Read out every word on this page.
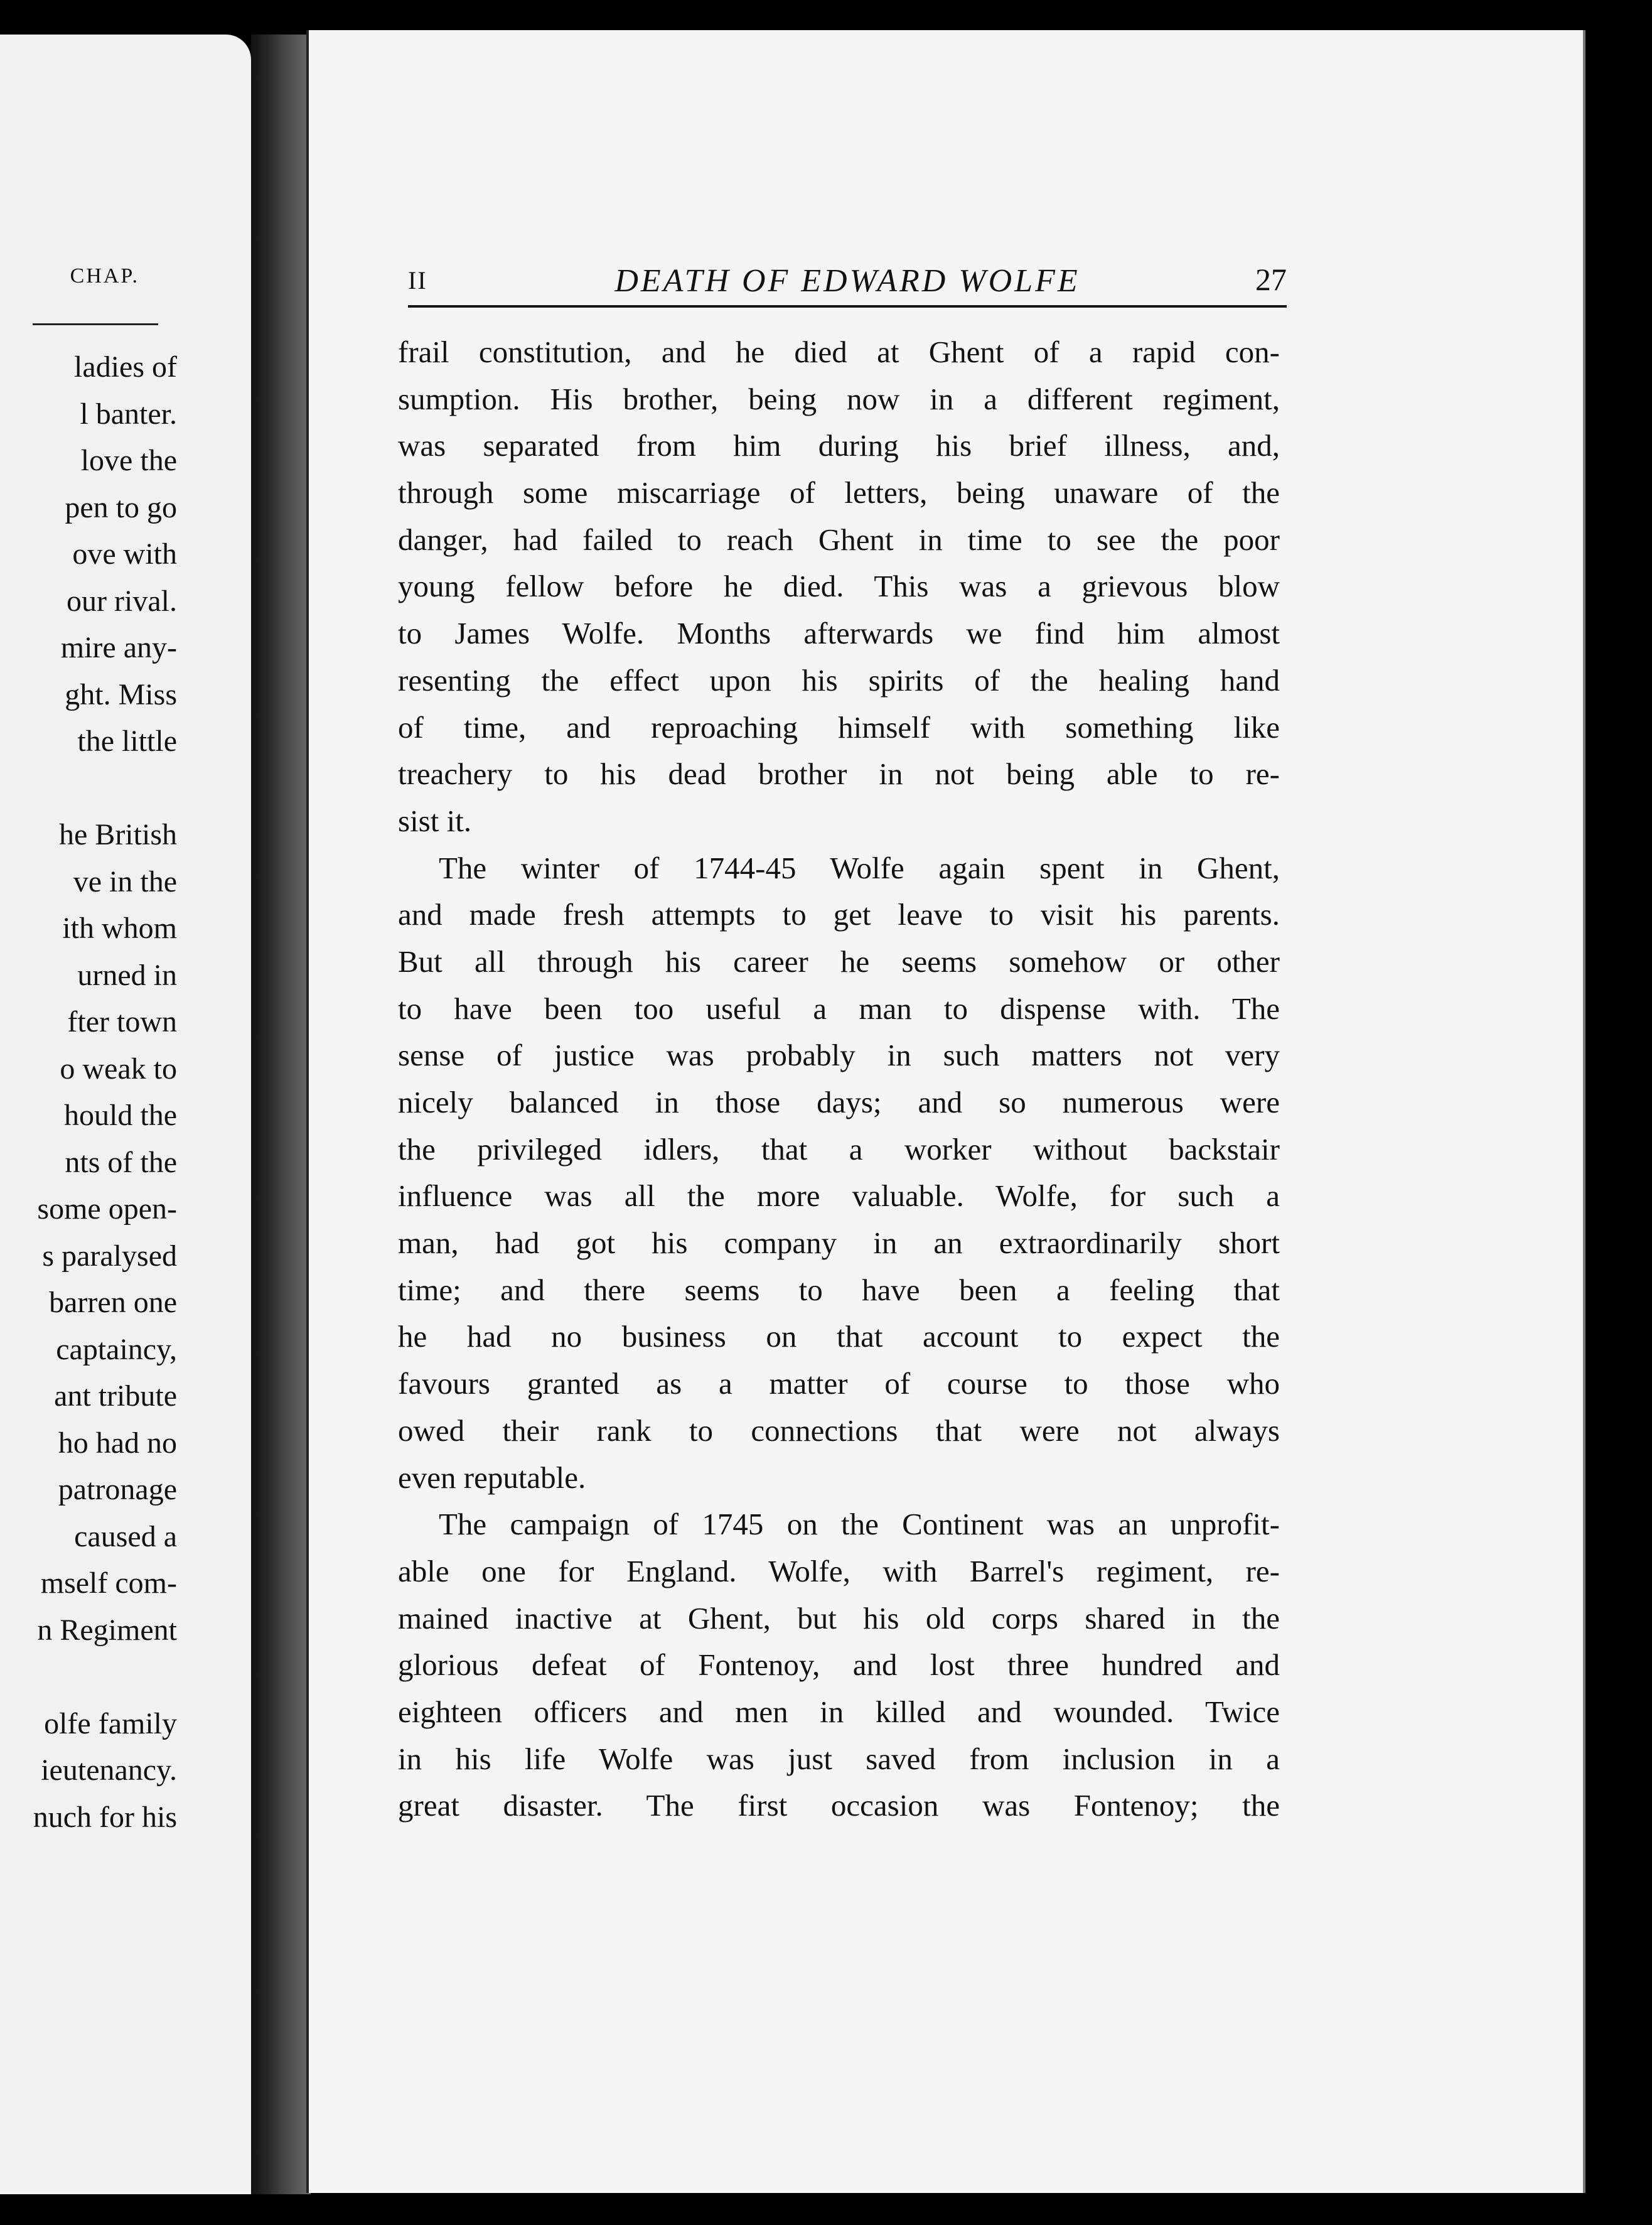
CHAP.
ladies of
l banter.
love the
pen to go
ove with
our rival.
mire any-
ght. Miss
the little
he British
ve in the
ith whom
urned in
fter town
o weak to
hould the
nts of the
some open-
s paralysed
barren one
captaincy,
ant tribute
ho had no
patronage
caused a
mself com-
n Regiment
olfe family
ieutenancy.
nuch for his
II	DEATH OF EDWARD WOLFE	27
frail constitution, and he died at Ghent of a rapid con-
sumption. His brother, being now in a different regiment,
was separated from him during his brief illness, and,
through some miscarriage of letters, being unaware of the
danger, had failed to reach Ghent in time to see the poor
young fellow before he died. This was a grievous blow
to James Wolfe. Months afterwards we find him almost
resenting the effect upon his spirits of the healing hand
of time, and reproaching himself with something like
treachery to his dead brother in not being able to re-
sist it.
The winter of 1744-45 Wolfe again spent in Ghent,
and made fresh attempts to get leave to visit his parents.
But all through his career he seems somehow or other
to have been too useful a man to dispense with. The
sense of justice was probably in such matters not very
nicely balanced in those days; and so numerous were
the privileged idlers, that a worker without backstair
influence was all the more valuable. Wolfe, for such a
man, had got his company in an extraordinarily short
time; and there seems to have been a feeling that
he had no business on that account to expect the
favours granted as a matter of course to those who
owed their rank to connections that were not always
even reputable.
The campaign of 1745 on the Continent was an unprofit-
able one for England. Wolfe, with Barrel's regiment, re-
mained inactive at Ghent, but his old corps shared in the
glorious defeat of Fontenoy, and lost three hundred and
eighteen officers and men in killed and wounded. Twice
in his life Wolfe was just saved from inclusion in a
great disaster. The first occasion was Fontenoy; the
